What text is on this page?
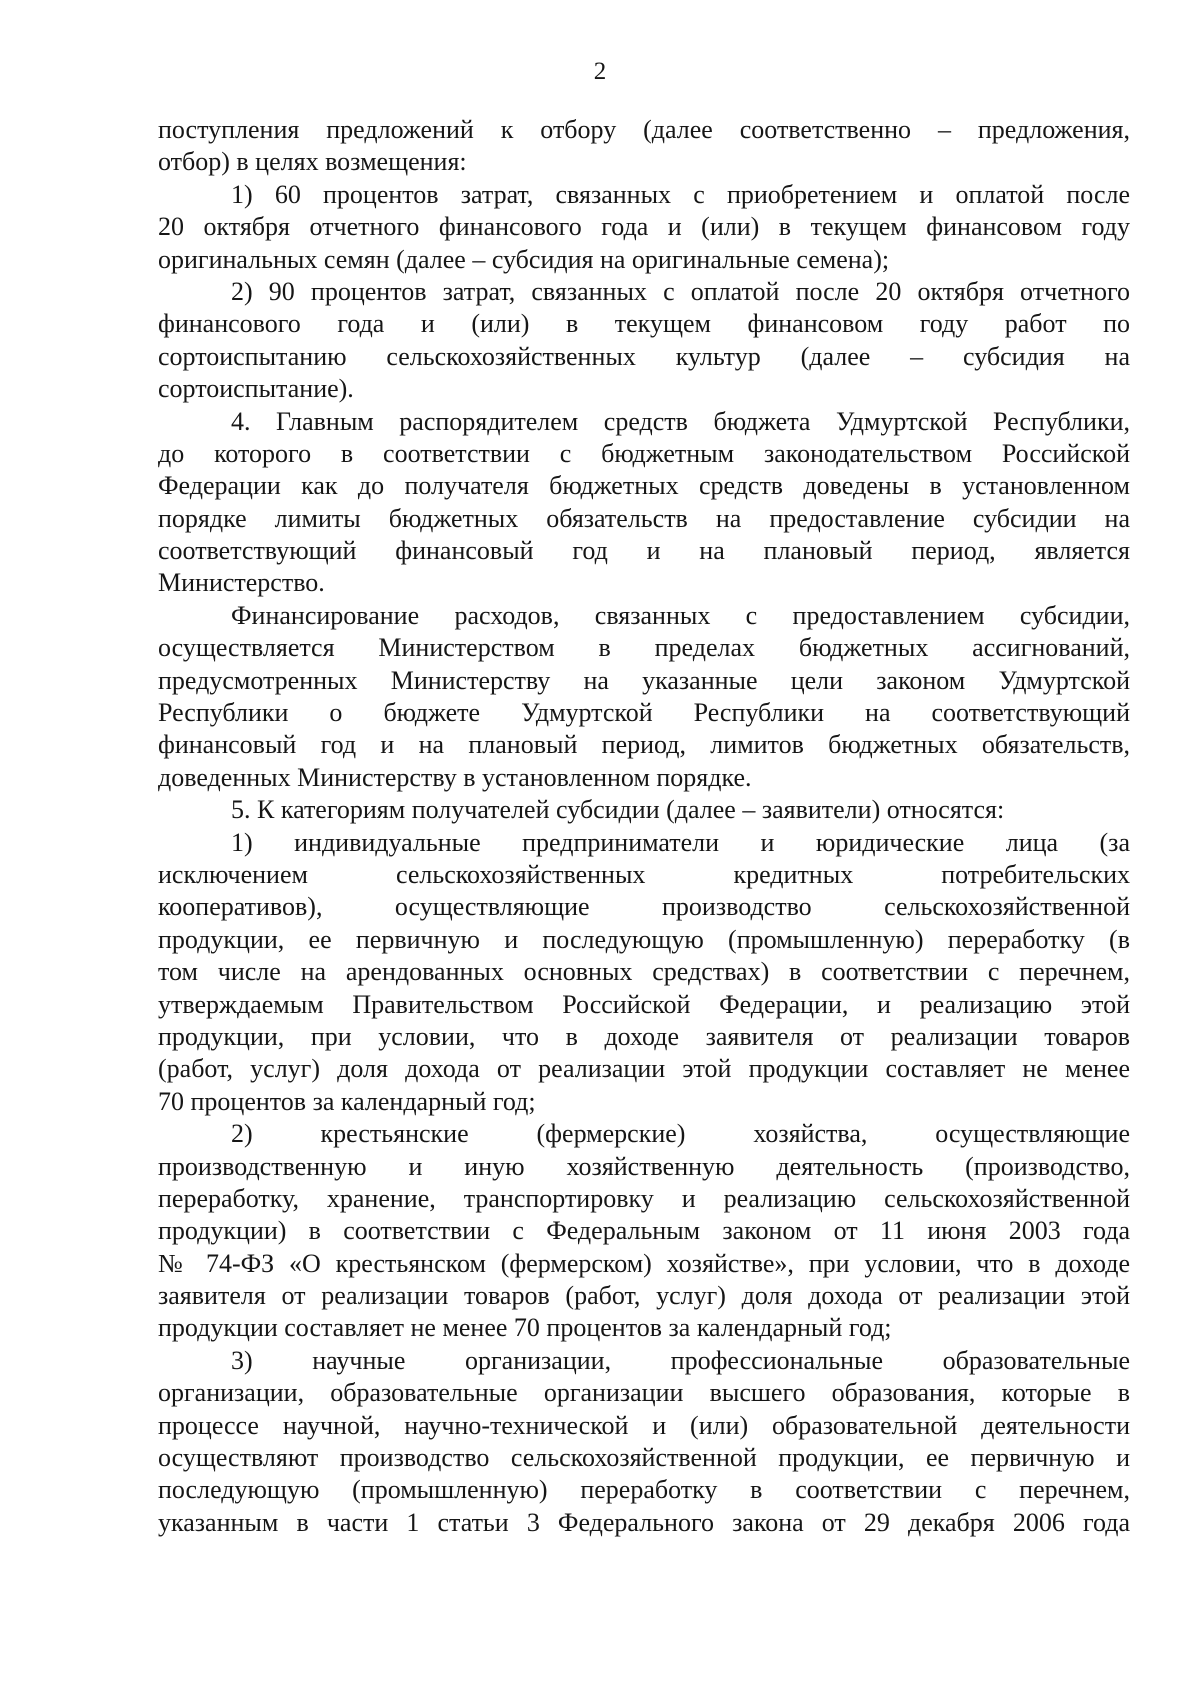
2
поступления предложений к отбору (далее соответственно – предложения,
отбор) в целях возмещения:
1) 60 процентов затрат, связанных с приобретением и оплатой после
20 октября отчетного финансового года и (или) в текущем финансовом году
оригинальных семян (далее – субсидия на оригинальные семена);
2) 90 процентов затрат, связанных с оплатой после 20 октября отчетного
финансового года и (или) в текущем финансовом году работ по
сортоиспытанию сельскохозяйственных культур (далее – субсидия на
сортоиспытание).
4. Главным распорядителем средств бюджета Удмуртской Республики,
до которого в соответствии с бюджетным законодательством Российской
Федерации как до получателя бюджетных средств доведены в установленном
порядке лимиты бюджетных обязательств на предоставление субсидии на
соответствующий финансовый год и на плановый период, является
Министерство.
Финансирование расходов, связанных с предоставлением субсидии,
осуществляется Министерством в пределах бюджетных ассигнований,
предусмотренных Министерству на указанные цели законом Удмуртской
Республики о бюджете Удмуртской Республики на соответствующий
финансовый год и на плановый период, лимитов бюджетных обязательств,
доведенных Министерству в установленном порядке.
5. К категориям получателей субсидии (далее – заявители) относятся:
1) индивидуальные предприниматели и юридические лица (за
исключением сельскохозяйственных кредитных потребительских
кооперативов), осуществляющие производство сельскохозяйственной
продукции, ее первичную и последующую (промышленную) переработку (в
том числе на арендованных основных средствах) в соответствии с перечнем,
утверждаемым Правительством Российской Федерации, и реализацию этой
продукции, при условии, что в доходе заявителя от реализации товаров
(работ, услуг) доля дохода от реализации этой продукции составляет не менее
70 процентов за календарный год;
2) крестьянские (фермерские) хозяйства, осуществляющие
производственную и иную хозяйственную деятельность (производство,
переработку, хранение, транспортировку и реализацию сельскохозяйственной
продукции) в соответствии с Федеральным законом от 11 июня 2003 года
№ 74-ФЗ «О крестьянском (фермерском) хозяйстве», при условии, что в доходе
заявителя от реализации товаров (работ, услуг) доля дохода от реализации этой
продукции составляет не менее 70 процентов за календарный год;
3) научные организации, профессиональные образовательные
организации, образовательные организации высшего образования, которые в
процессе научной, научно-технической и (или) образовательной деятельности
осуществляют производство сельскохозяйственной продукции, ее первичную и
последующую (промышленную) переработку в соответствии с перечнем,
указанным в части 1 статьи 3 Федерального закона от 29 декабря 2006 года
